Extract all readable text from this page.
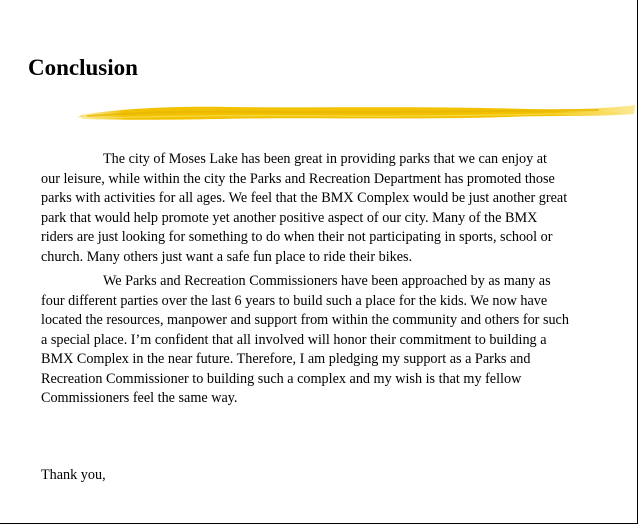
Conclusion

The city of Moses Lake has been great in providing parks that we can enjoy at our leisure, while within the city the Parks and Recreation Department has promoted those parks with activities for all ages. We feel that the BMX Complex would be just another great park that would help promote yet another positive aspect of our city. Many of the BMX riders are just looking for something to do when their not participating in sports, school or church. Many others just want a safe fun place to ride their bikes.

We Parks and Recreation Commissioners have been approached by as many as four different parties over the last 6 years to build such a place for the kids. We now have located the resources, manpower and support from within the community and others for such a special place. I’m confident that all involved will honor their commitment to building a BMX Complex in the near future. Therefore, I am pledging my support as a Parks and Recreation Commissioner to building such a complex and my wish is that my fellow Commissioners feel the same way.

Thank you,
